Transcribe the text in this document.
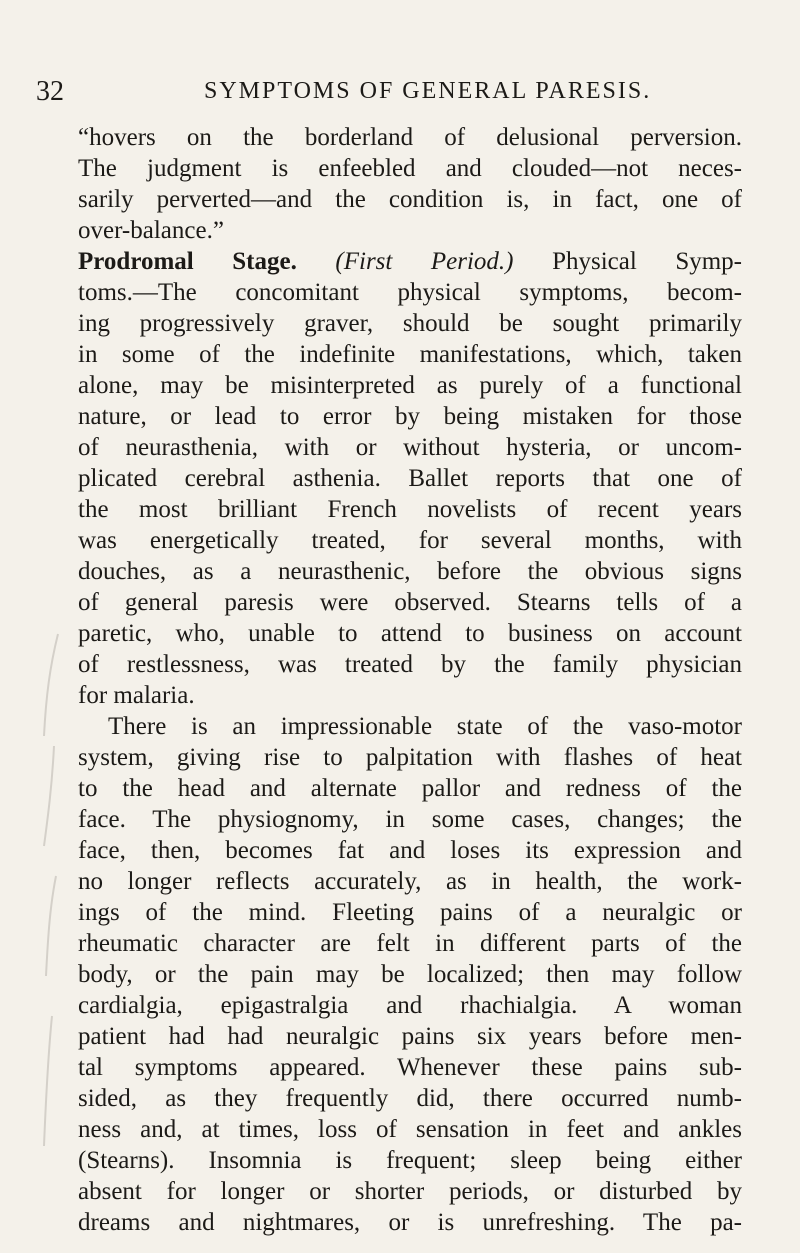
32	SYMPTOMS OF GENERAL PARESIS.
“hovers on the borderland of delusional perversion.
The judgment is enfeebled and clouded—not neces-
sarily perverted—and the condition is, in fact, one of
over-balance.”
Prodromal Stage. (First Period.) Physical Symp-
toms.—The concomitant physical symptoms, becom-
ing progressively graver, should be sought primarily
in some of the indefinite manifestations, which, taken
alone, may be misinterpreted as purely of a functional
nature, or lead to error by being mistaken for those
of neurasthenia, with or without hysteria, or uncom-
plicated cerebral asthenia. Ballet reports that one of
the most brilliant French novelists of recent years
was energetically treated, for several months, with
douches, as a neurasthenic, before the obvious signs
of general paresis were observed. Stearns tells of a
paretic, who, unable to attend to business on account
of restlessness, was treated by the family physician
for malaria.
There is an impressionable state of the vaso-motor
system, giving rise to palpitation with flashes of heat
to the head and alternate pallor and redness of the
face. The physiognomy, in some cases, changes; the
face, then, becomes fat and loses its expression and
no longer reflects accurately, as in health, the work-
ings of the mind. Fleeting pains of a neuralgic or
rheumatic character are felt in different parts of the
body, or the pain may be localized; then may follow
cardialgia, epigastralgia and rhachialgia. A woman
patient had had neuralgic pains six years before men-
tal symptoms appeared. Whenever these pains sub-
sided, as they frequently did, there occurred numb-
ness and, at times, loss of sensation in feet and ankles
(Stearns). Insomnia is frequent; sleep being either
absent for longer or shorter periods, or disturbed by
dreams and nightmares, or is unrefreshing. The pa-
